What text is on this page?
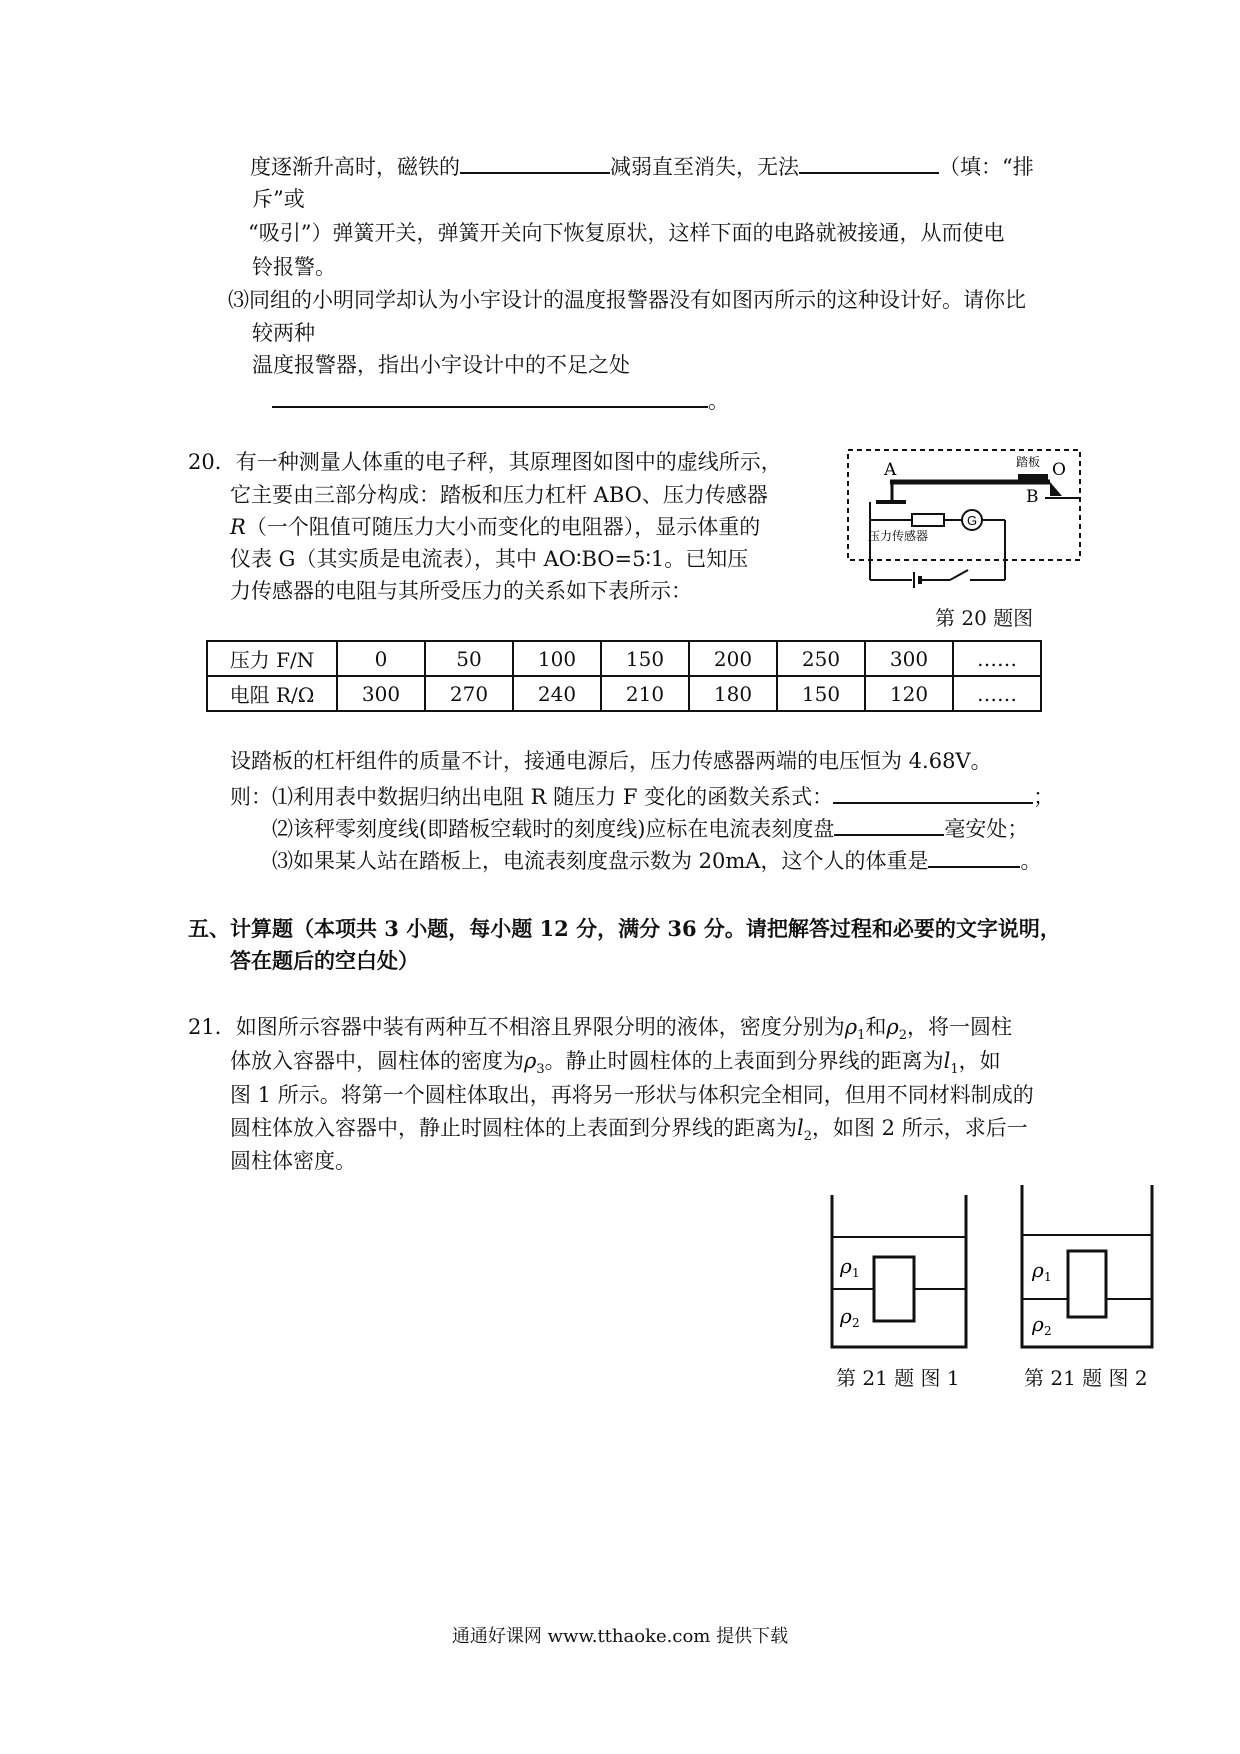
度逐渐升高时，磁铁的	减弱直至消失，无法	（填：“排
斥”或
“吸引”）弹簧开关，弹簧开关向下恢复原状，这样下面的电路就被接通，从而使电
铃报警。
⑶同组的小明同学却认为小宇设计的温度报警器没有如图丙所示的这种设计好。请你比
较两种
温度报警器，指出小宇设计中的不足之处
。
20．有一种测量人体重的电子秤，其原理图如图中的虚线所示，
它主要由三部分构成：踏板和压力杠杆 ABO、压力传感器
R（一个阻值可随压力大小而变化的电阻器），显示体重的
仪表 G（其实质是电流表），其中 AO∶BO=5∶1。已知压
力传感器的电阻与其所受压力的关系如下表所示：
G
A	O
B
踏板
压力传感器
第 20 题图
压力 F/N	0	50	100	150	200	250	300	……
电阻 R/Ω	300	270	240	210	180	150	120	……
设踏板的杠杆组件的质量不计，接通电源后，压力传感器两端的电压恒为 4.68V。
则：⑴利用表中数据归纳出电阻 R 随压力 F 变化的函数关系式：	；
⑵该秤零刻度线(即踏板空载时的刻度线)应标在电流表刻度盘	毫安处；
⑶如果某人站在踏板上，电流表刻度盘示数为 20mA，这个人的体重是	。
五、计算题（本项共 3 小题，每小题 12 分，满分 36 分。请把解答过程和必要的文字说明，
答在题后的空白处）
21．如图所示容器中装有两种互不相溶且界限分明的液体，密度分别为$\rho_1$和$\rho_2$，将一圆柱
体放入容器中，圆柱体的密度为$\rho_3$。静止时圆柱体的上表面到分界线的距离为$l_1$，如
图 1 所示。将第一个圆柱体取出，再将另一形状与体积完全相同，但用不同材料制成的
圆柱体放入容器中，静止时圆柱体的上表面到分界线的距离为$l_2$，如图 2 所示，求后一
圆柱体密度。
ρ 1
ρ 2
第 21 题 图 1
ρ 1
ρ 2
第 21 题 图 2
通通好课网 www.tthaoke.com 提供下载
